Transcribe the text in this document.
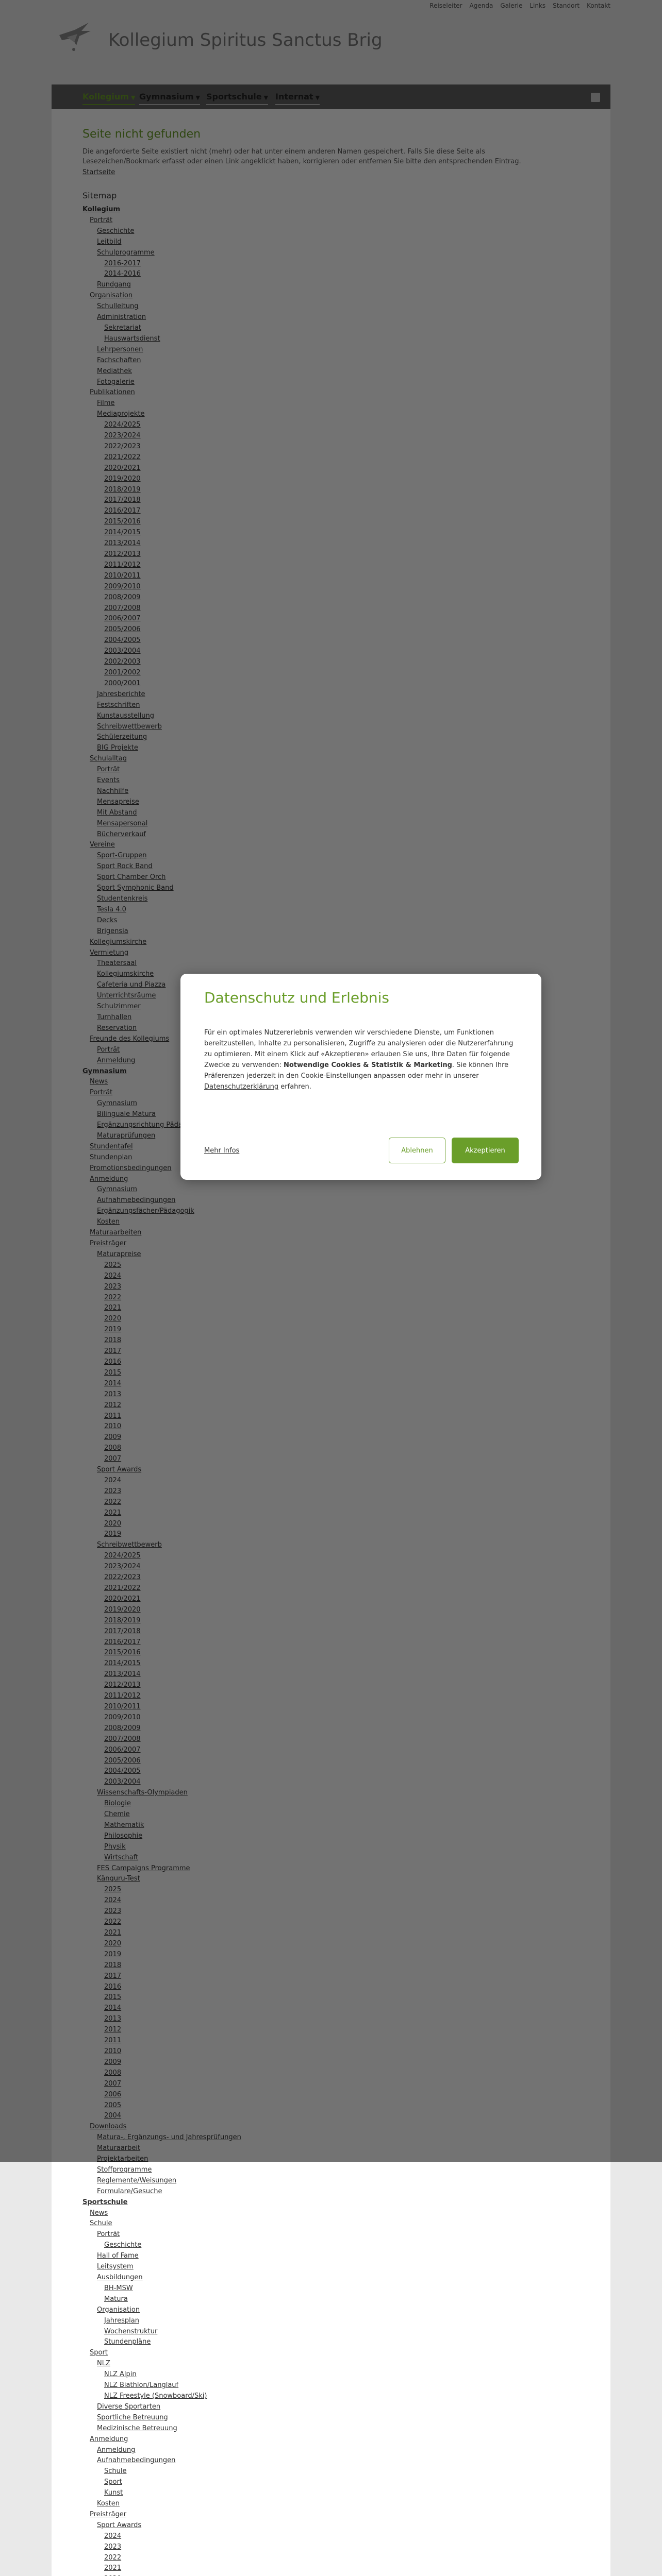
Stoffprogramme
Reglemente/Weisungen
Formulare/Gesuche
Sportschule
News
Schule
Porträt
Geschichte
Hall of Fame
Leitsystem
Ausbildungen
BH-MSW
Matura
Organisation
Jahresplan
Wochenstruktur
Stundenpläne
Sport
NLZ
NLZ Alpin
NLZ Biathlon/Langlauf
NLZ Freestyle (Snowboard/Ski)
Diverse Sportarten
Sportliche Betreuung
Medizinische Betreuung
Anmeldung
Anmeldung
Aufnahmebedingungen
Schule
Sport
Kunst
Kosten
Preisträger
Sport Awards
2024
2023
2022
2021
Datenschutz und Erlebnis

Für ein optimales Nutzererlebnis verwenden wir verschiedene Dienste, um Funktionen bereitzustellen, Inhalte zu personalisieren, Zugriffe zu analysieren oder die Nutzererfahrung zu optimieren. Mit einem Klick auf «Akzeptieren» erlauben Sie uns, Ihre Daten für folgende Zwecke zu verwenden: Notwendige Cookies & Statistik & Marketing. Sie können Ihre Präferenzen jederzeit in den Cookie-Einstellungen anpassen oder mehr in unserer Datenschutzerklärung erfahren.

Mehr Infos	Ablehnen	Akzeptieren
